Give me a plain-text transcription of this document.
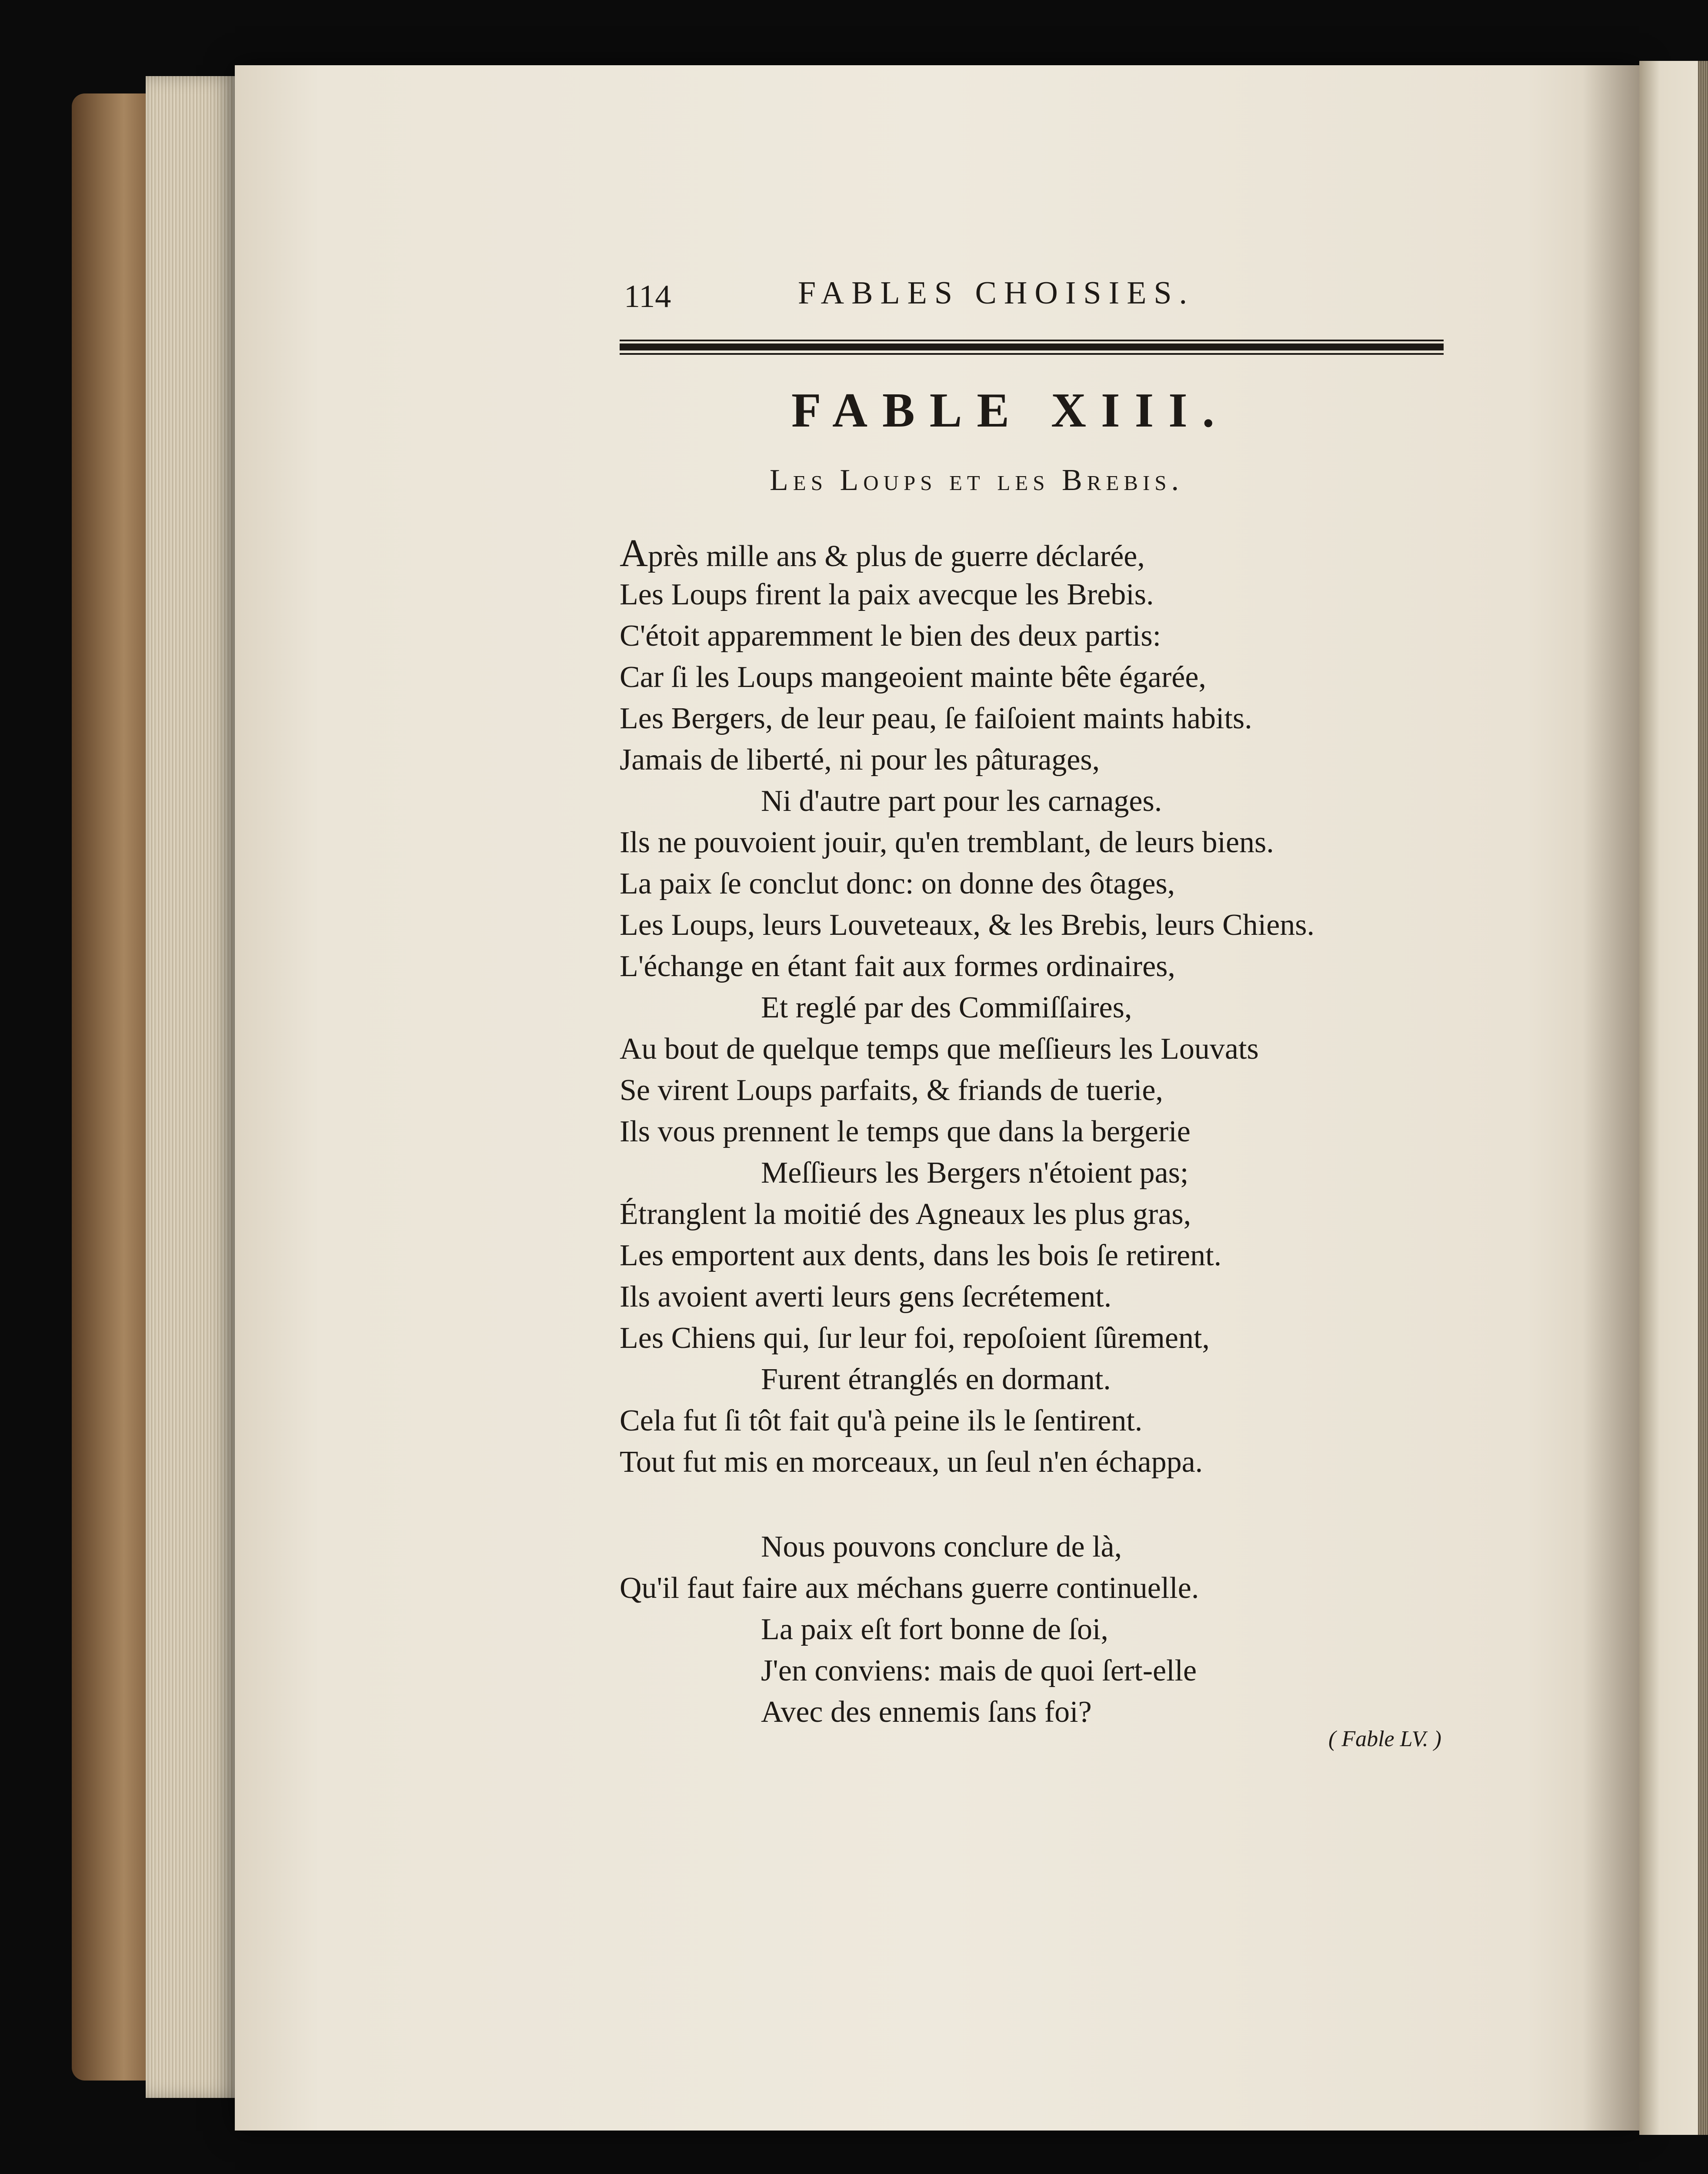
114	FABLES CHOISIES.
FABLE XIII.
Les Loups et les Brebis.
Après mille ans & plus de guerre déclarée,
Les Loups firent la paix avecque les Brebis.
C'étoit apparemment le bien des deux partis:
Car ſi les Loups mangeoient mainte bête égarée,
Les Bergers, de leur peau, ſe faiſoient maints habits.
Jamais de liberté, ni pour les pâturages,
Ni d'autre part pour les carnages.
Ils ne pouvoient jouir, qu'en tremblant, de leurs biens.
La paix ſe conclut donc: on donne des ôtages,
Les Loups, leurs Louveteaux, & les Brebis, leurs Chiens.
L'échange en étant fait aux formes ordinaires,
Et reglé par des Commiſſaires,
Au bout de quelque temps que meſſieurs les Louvats
Se virent Loups parfaits, & friands de tuerie,
Ils vous prennent le temps que dans la bergerie
Meſſieurs les Bergers n'étoient pas;
Étranglent la moitié des Agneaux les plus gras,
Les emportent aux dents, dans les bois ſe retirent.
Ils avoient averti leurs gens ſecrétement.
Les Chiens qui, ſur leur foi, repoſoient ſûrement,
Furent étranglés en dormant.
Cela fut ſi tôt fait qu'à peine ils le ſentirent.
Tout fut mis en morceaux, un ſeul n'en échappa.
Nous pouvons conclure de là,
Qu'il faut faire aux méchans guerre continuelle.
La paix eſt fort bonne de ſoi,
J'en conviens: mais de quoi ſert-elle
Avec des ennemis ſans foi?
( Fable LV. )
